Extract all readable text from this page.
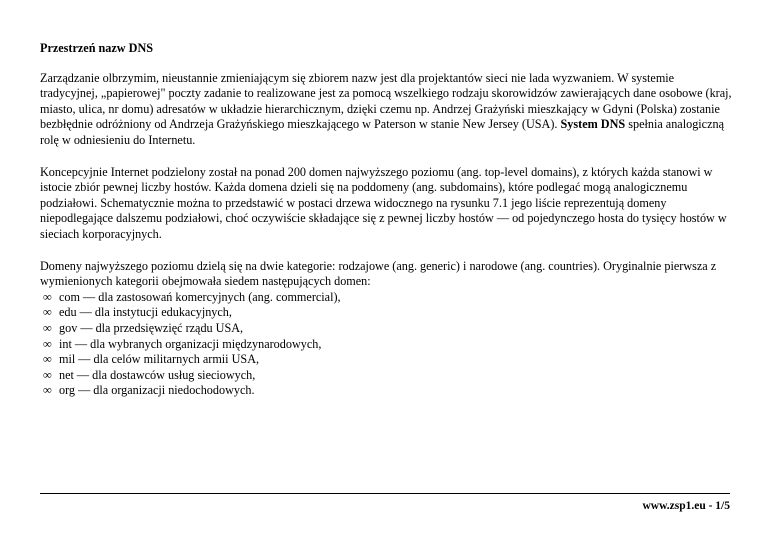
Przestrzeń nazw DNS

Zarządzanie olbrzymim, nieustannie zmieniającym się zbiorem nazw jest dla projektantów sieci nie lada wyzwaniem. W systemie tradycyjnej, „papierowej" poczty zadanie to realizowane jest za pomocą wszelkiego rodzaju skorowidzów zawierających dane osobowe (kraj, miasto, ulica, nr domu) adresatów w układzie hierarchicznym, dzięki czemu np. Andrzej Grażyński mieszkający w Gdyni (Polska) zostanie bezbłędnie odróżniony od Andrzeja Grażyńskiego mieszkającego w Paterson w stanie New Jersey (USA). System DNS spełnia analogiczną rolę w odniesieniu do Internetu.

Koncepcyjnie Internet podzielony został na ponad 200 domen najwyższego poziomu (ang. top-level domains), z których każda stanowi w istocie zbiór pewnej liczby hostów. Każda domena dzieli się na poddomeny (ang. subdomains), które podlegać mogą analogicznemu podziałowi. Schematycznie można to przedstawić w postaci drzewa widocznego na rysunku 7.1 jego liście reprezentują domeny niepodlegające dalszemu podziałowi, choć oczywiście składające się z pewnej liczby hostów — od pojedynczego hosta do tysięcy hostów w sieciach korporacyjnych.

Domeny najwyższego poziomu dzielą się na dwie kategorie: rodzajowe (ang. generic) i narodowe (ang. countries). Oryginalnie pierwsza z wymienionych kategorii obejmowała siedem następujących domen:

∞ com — dla zastosowań komercyjnych (ang. commercial),
∞ edu — dla instytucji edukacyjnych,
∞ gov — dla przedsięwzięć rządu USA,
∞ int — dla wybranych organizacji międzynarodowych,
∞ mil — dla celów militarnych armii USA,
∞ net — dla dostawców usług sieciowych,
∞ org — dla organizacji niedochodowych.
www.zsp1.eu - 1/5
